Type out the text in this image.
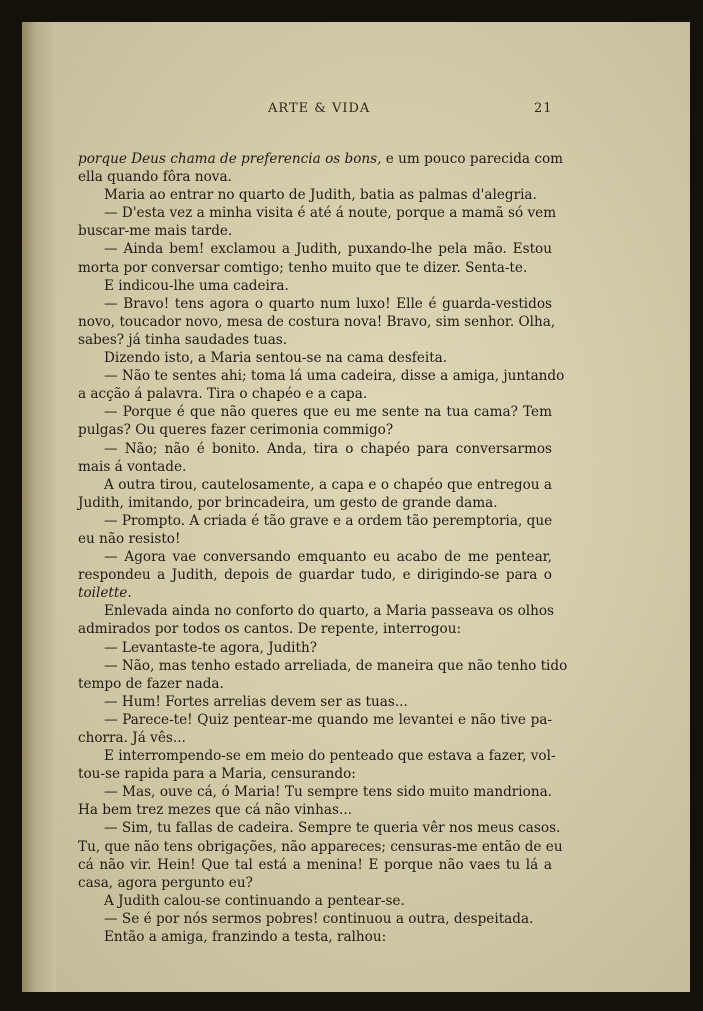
ARTE & VIDA	21
porque Deus chama de preferencia os bons, e um pouco parecida com
ella quando fôra nova.
Maria ao entrar no quarto de Judith, batia as palmas d'alegria.
— D'esta vez a minha visita é até á noute, porque a mamã só vem
buscar-me mais tarde.
— Ainda bem! exclamou a Judith, puxando-lhe pela mão. Estou
morta por conversar comtigo; tenho muito que te dizer. Senta-te.
E indicou-lhe uma cadeira.
— Bravo! tens agora o quarto num luxo! Elle é guarda-vestidos
novo, toucador novo, mesa de costura nova! Bravo, sim senhor. Olha,
sabes? já tinha saudades tuas.
Dizendo isto, a Maria sentou-se na cama desfeita.
— Não te sentes ahi; toma lá uma cadeira, disse a amiga, juntando
a acção á palavra. Tira o chapéo e a capa.
— Porque é que não queres que eu me sente na tua cama? Tem
pulgas? Ou queres fazer cerimonia commigo?
— Não; não é bonito. Anda, tira o chapéo para conversarmos
mais á vontade.
A outra tirou, cautelosamente, a capa e o chapéo que entregou a
Judith, imitando, por brincadeira, um gesto de grande dama.
— Prompto. A criada é tão grave e a ordem tão peremptoria, que
eu não resisto!
— Agora vae conversando emquanto eu acabo de me pentear,
respondeu a Judith, depois de guardar tudo, e dirigindo-se para o
toilette.
Enlevada ainda no conforto do quarto, a Maria passeava os olhos
admirados por todos os cantos. De repente, interrogou:
— Levantaste-te agora, Judith?
— Não, mas tenho estado arreliada, de maneira que não tenho tido
tempo de fazer nada.
— Hum! Fortes arrelias devem ser as tuas...
— Parece-te! Quiz pentear-me quando me levantei e não tive pa-
chorra. Já vês...
E interrompendo-se em meio do penteado que estava a fazer, vol-
tou-se rapida para a Maria, censurando:
— Mas, ouve cá, ó Maria! Tu sempre tens sido muito mandriona.
Ha bem trez mezes que cá não vinhas...
— Sim, tu fallas de cadeira. Sempre te queria vêr nos meus casos.
Tu, que não tens obrigações, não appareces; censuras-me então de eu
cá não vir. Hein! Que tal está a menina! E porque não vaes tu lá a
casa, agora pergunto eu?
A Judith calou-se continuando a pentear-se.
— Se é por nós sermos pobres! continuou a outra, despeitada.
Então a amiga, franzindo a testa, ralhou:
